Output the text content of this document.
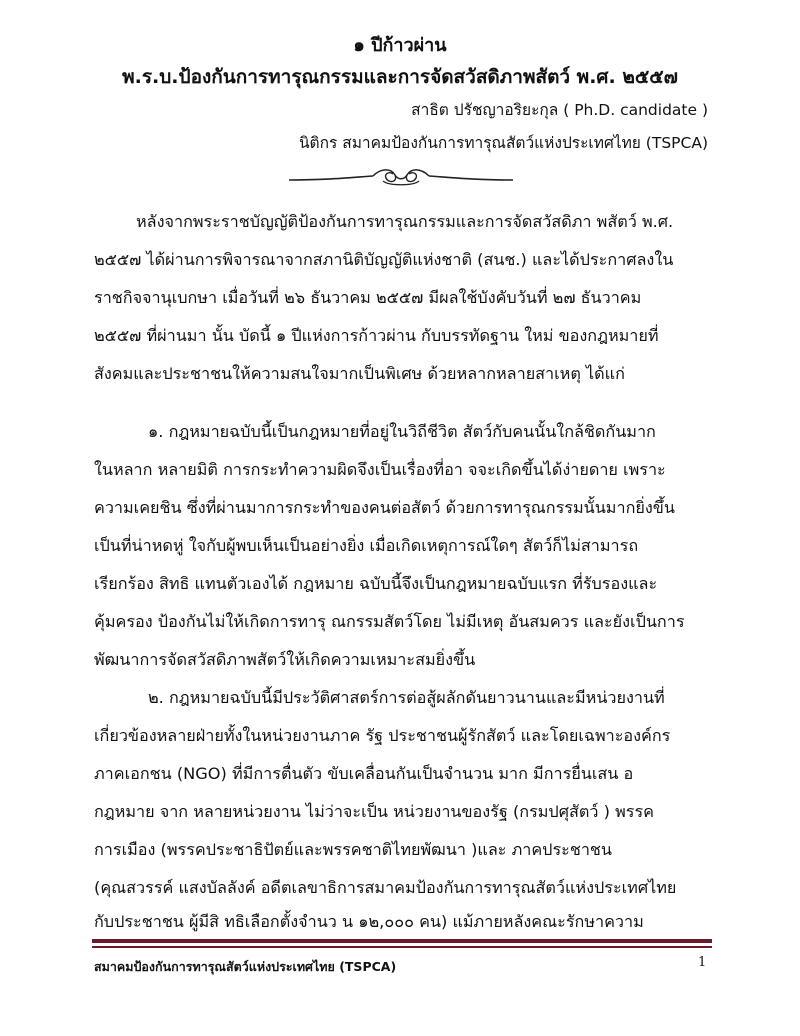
๑ ปีก้าวผ่าน
พ.ร.บ.ป้องกันการทารุณกรรมและการจัดสวัสดิภาพสัตว์ พ.ศ. ๒๕๕๗
สาธิต ปรัชญาอริยะกุล ( Ph.D. candidate )
นิติกร สมาคมป้องกันการทารุณสัตว์แห่งประเทศไทย (TSPCA)
หลังจากพระราชบัญญัติป้องกันการทารุณกรรมและการจัดสวัสดิภา พสัตว์ พ.ศ.
๒๕๕๗ ได้ผ่านการพิจารณาจากสภานิติบัญญัติแห่งชาติ (สนช.) และได้ประกาศลงใน
ราชกิจจานุเบกษา เมื่อวันที่ ๒๖ ธันวาคม ๒๕๕๗ มีผลใช้บังคับวันที่ ๒๗ ธันวาคม
๒๕๕๗ ที่ผ่านมา นั้น บัดนี้ ๑ ปีแห่งการก้าวผ่าน กับบรรทัดฐาน ใหม่ ของกฎหมายที่
สังคมและประชาชนให้ความสนใจมากเป็นพิเศษ ด้วยหลากหลายสาเหตุ ได้แก่
๑. กฎหมายฉบับนี้เป็นกฎหมายที่อยู่ในวิถีชีวิต สัตว์กับคนนั้นใกล้ชิดกันมาก
ในหลาก หลายมิติ การกระทำความผิดจึงเป็นเรื่องที่อา จจะเกิดขึ้นได้ง่ายดาย เพราะ
ความเคยชิน ซึ่งที่ผ่านมาการกระทำของคนต่อสัตว์ ด้วยการทารุณกรรมนั้นมากยิ่งขึ้น
เป็นที่น่าหดหู่ ใจกับผู้พบเห็นเป็นอย่างยิ่ง เมื่อเกิดเหตุการณ์ใดๆ สัตว์ก็ไม่สามารถ
เรียกร้อง สิทธิ แทนตัวเองได้ กฎหมาย ฉบับนี้จึงเป็นกฎหมายฉบับแรก ที่รับรองและ
คุ้มครอง ป้องกันไม่ให้เกิดการทารุ ณกรรมสัตว์โดย ไม่มีเหตุ อันสมควร และยังเป็นการ
พัฒนาการจัดสวัสดิภาพสัตว์ให้เกิดความเหมาะสมยิ่งขึ้น
๒. กฎหมายฉบับนี้มีประวัติศาสตร์การต่อสู้ผลักดันยาวนานและมีหน่วยงานที่
เกี่ยวข้องหลายฝ่ายทั้งในหน่วยงานภาค รัฐ ประชาชนผู้รักสัตว์ และโดยเฉพาะองค์กร
ภาคเอกชน (NGO) ที่มีการตื่นตัว ขับเคลื่อนกันเป็นจำนวน มาก มีการยื่นเสน อ
กฎหมาย จาก หลายหน่วยงาน ไม่ว่าจะเป็น หน่วยงานของรัฐ (กรมปศุสัตว์ ) พรรค
การเมือง (พรรคประชาธิปัตย์และพรรคชาติไทยพัฒนา )และ ภาคประชาชน
(คุณสวรรค์ แสงบัลลังค์ อดีตเลขาธิการสมาคมป้องกันการทารุณสัตว์แห่งประเทศไทย
กับประชาชน ผู้มีสิ ทธิเลือกตั้งจำนว น ๑๒,๐๐๐ คน) แม้ภายหลังคณะรักษาความ
สมาคมป้องกันการทารุณสัตว์แห่งประเทศไทย (TSPCA)	1
